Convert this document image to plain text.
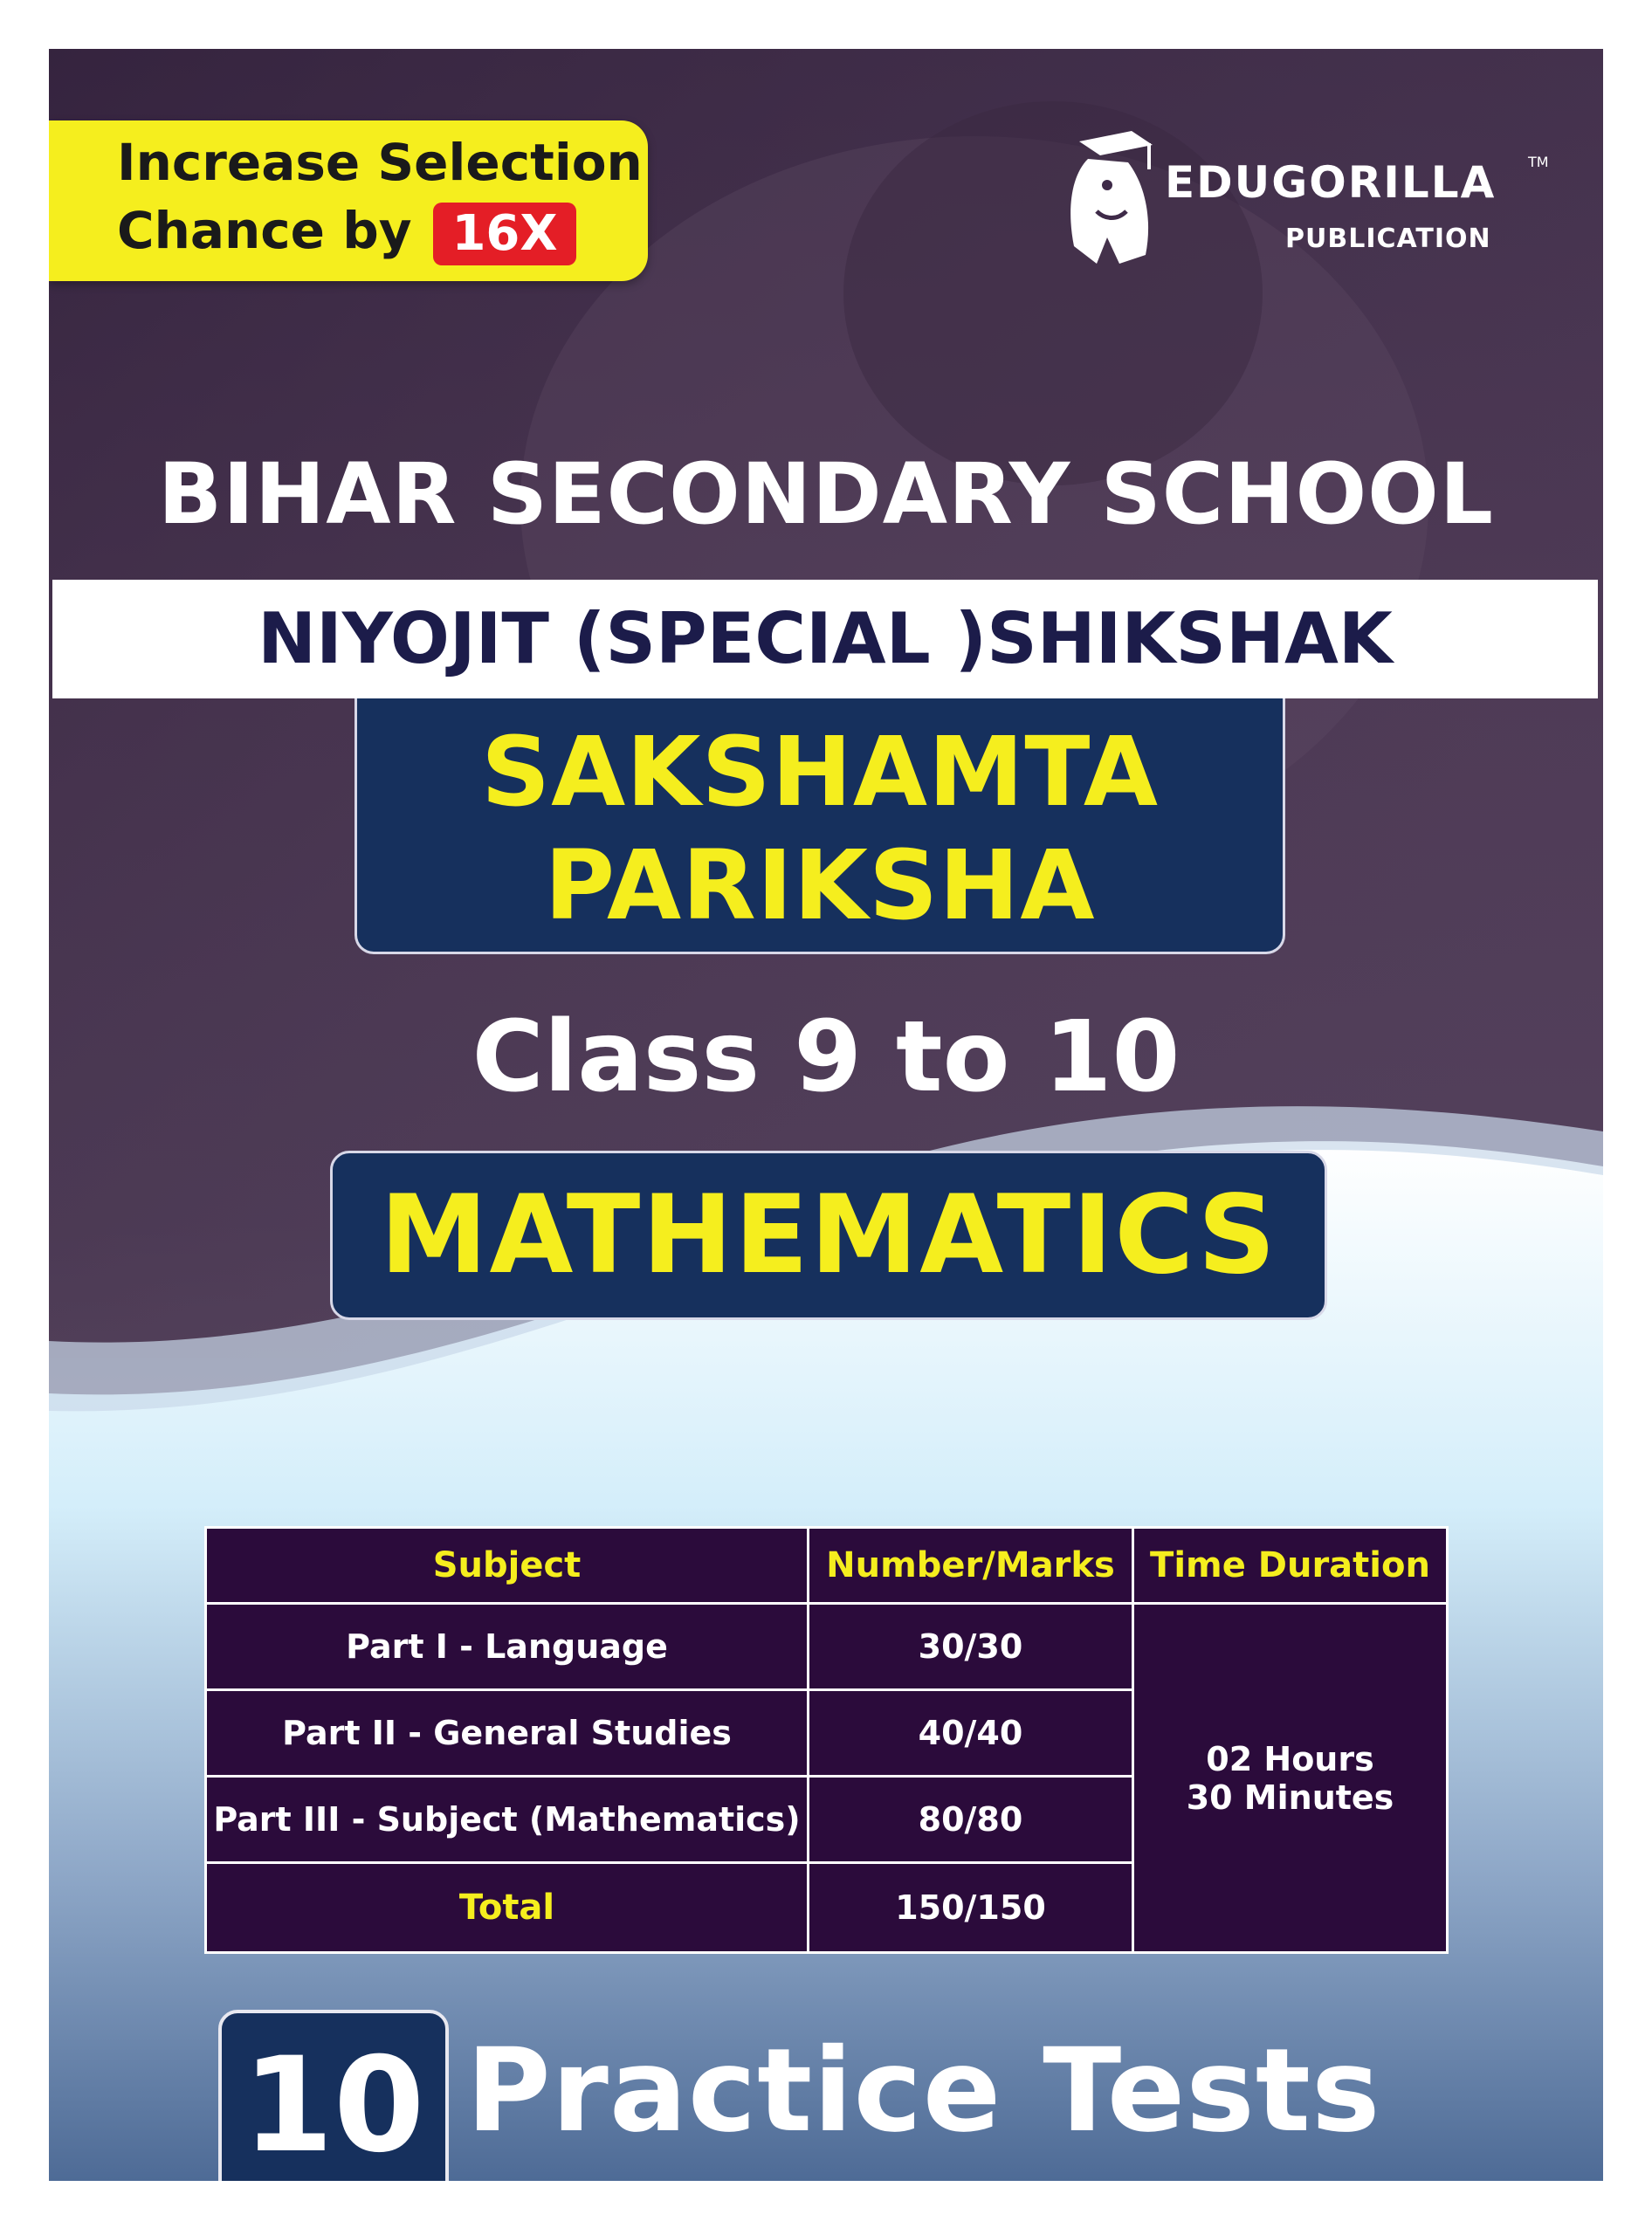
Increase Selection
Chance by 16X
EDUGORILLA TM
PUBLICATION
BIHAR SECONDARY SCHOOL
NIYOJIT (SPECIAL )SHIKSHAK
SAKSHAMTA
PARIKSHA
Class 9 to 10
MATHEMATICS
Subject	Number/Marks	Time Duration
Part I - Language	30/30	02 Hours
30 Minutes

Part II - General Studies	40/40	
Part III - Subject (Mathematics)	80/80	
Total	150/150	
10 Practice Tests
